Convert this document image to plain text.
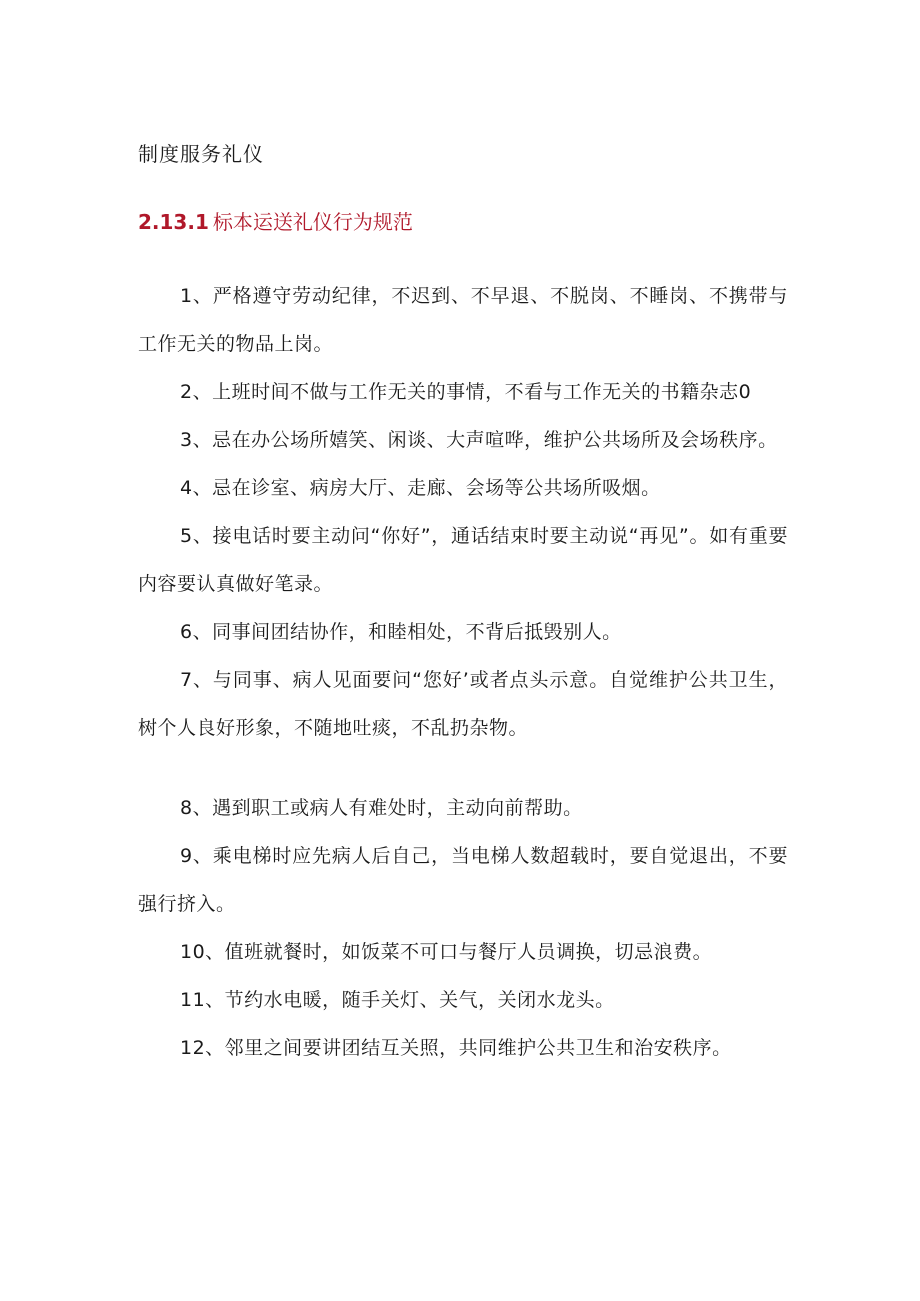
制度服务礼仪
2.13.1 标本运送礼仪行为规范

1、严格遵守劳动纪律，不迟到、不早退、不脱岗、不睡岗、不携带与工作无关的物品上岗。

2、上班时间不做与工作无关的事情，不看与工作无关的书籍杂志0

3、忌在办公场所嬉笑、闲谈、大声喧哗，维护公共场所及会场秩序。

4、忌在诊室、病房大厅、走廊、会场等公共场所吸烟。

5、接电话时要主动问“你好”，通话结束时要主动说“再见”。如有重要内容要认真做好笔录。

6、同事间团结协作，和睦相处，不背后抵毁别人。

7、与同事、病人见面要问“您好’或者点头示意。自觉维护公共卫生，树个人良好形象，不随地吐痰，不乱扔杂物。

8、遇到职工或病人有难处时，主动向前帮助。

9、乘电梯时应先病人后自己，当电梯人数超载时，要自觉退出，不要强行挤入。

10、值班就餐时，如饭菜不可口与餐厅人员调换，切忌浪费。

11、节约水电暖，随手关灯、关气，关闭水龙头。

12、邻里之间要讲团结互关照，共同维护公共卫生和治安秩序。
